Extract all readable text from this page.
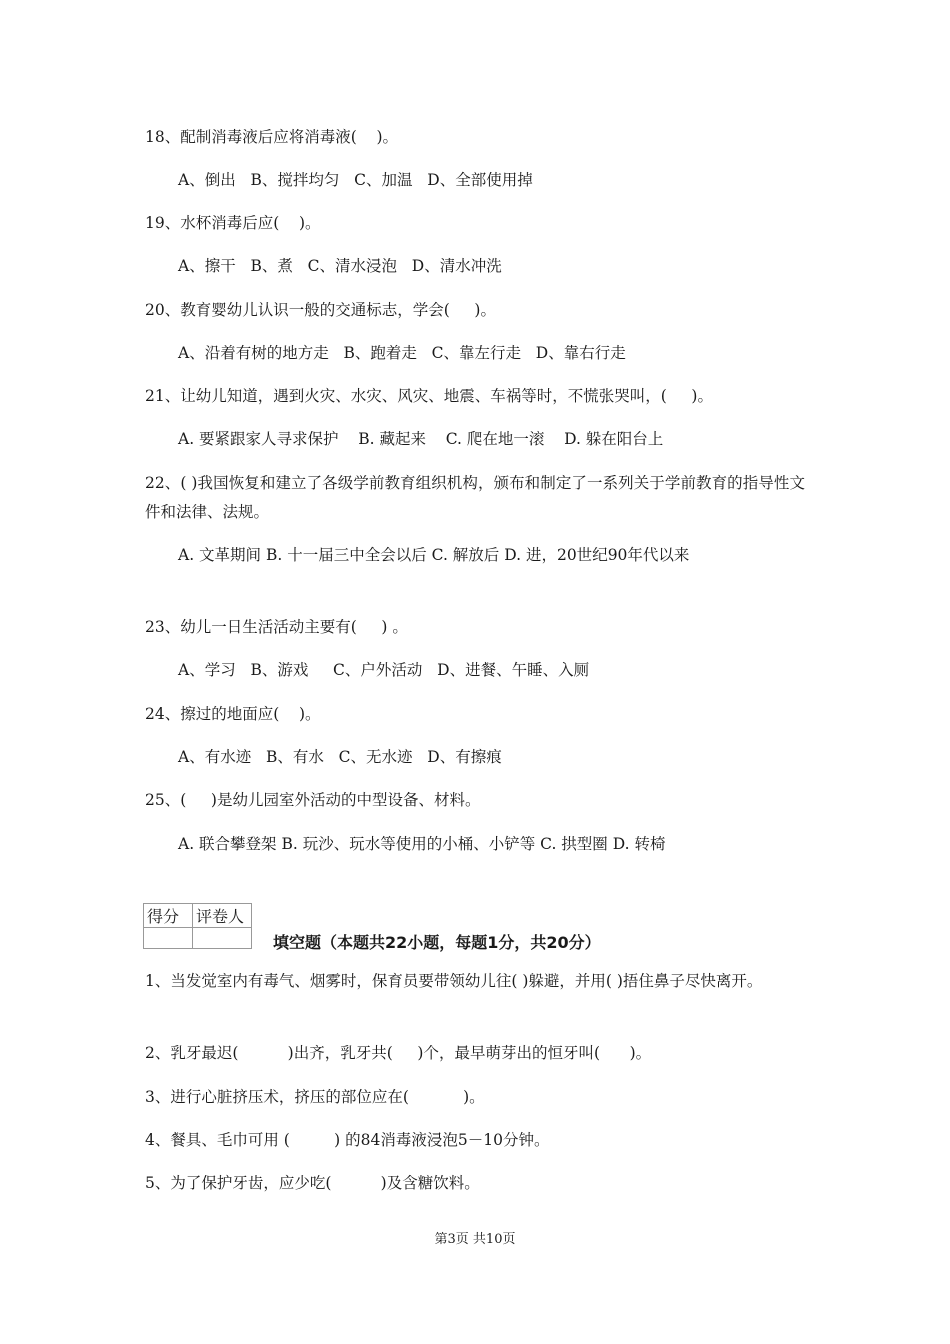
18、配制消毒液后应将消毒液(    )。
A、倒出   B、搅拌均匀   C、加温   D、全部使用掉
19、水杯消毒后应(    )。
A、擦干   B、煮   C、清水浸泡   D、清水冲洗
20、教育婴幼儿认识一般的交通标志，学会(     )。
A、沿着有树的地方走   B、跑着走   C、靠左行走   D、靠右行走
21、让幼儿知道，遇到火灾、水灾、风灾、地震、车祸等时，不慌张哭叫，(     )。
A. 要紧跟家人寻求保护    B. 藏起来    C. 爬在地一滚    D. 躲在阳台上
22、( )我国恢复和建立了各级学前教育组织机构，颁布和制定了一系列关于学前教育的指导性文件和法律、法规。
A. 文革期间 B. 十一届三中全会以后 C. 解放后 D. 进，20世纪90年代以来
23、幼儿一日生活活动主要有(     ) 。
A、学习   B、游戏     C、户外活动   D、进餐、午睡、入厕
24、擦过的地面应(    )。
A、有水迹   B、有水   C、无水迹   D、有擦痕
25、(     )是幼儿园室外活动的中型设备、材料。
A. 联合攀登架 B. 玩沙、玩水等使用的小桶、小铲等 C. 拱型圈 D. 转椅
得分	评卷人

填空题（本题共22小题，每题1分，共20分）
1、当发觉室内有毒气、烟雾时，保育员要带领幼儿往( )躲避，并用( )捂住鼻子尽快离开。
2、乳牙最迟(          )出齐，乳牙共(     )个，最早萌芽出的恒牙叫(      )。
3、进行心脏挤压术，挤压的部位应在(           )。
4、餐具、毛巾可用 (         ) 的84消毒液浸泡5－10分钟。
5、为了保护牙齿，应少吃(          )及含糖饮料。
第3页 共10页
